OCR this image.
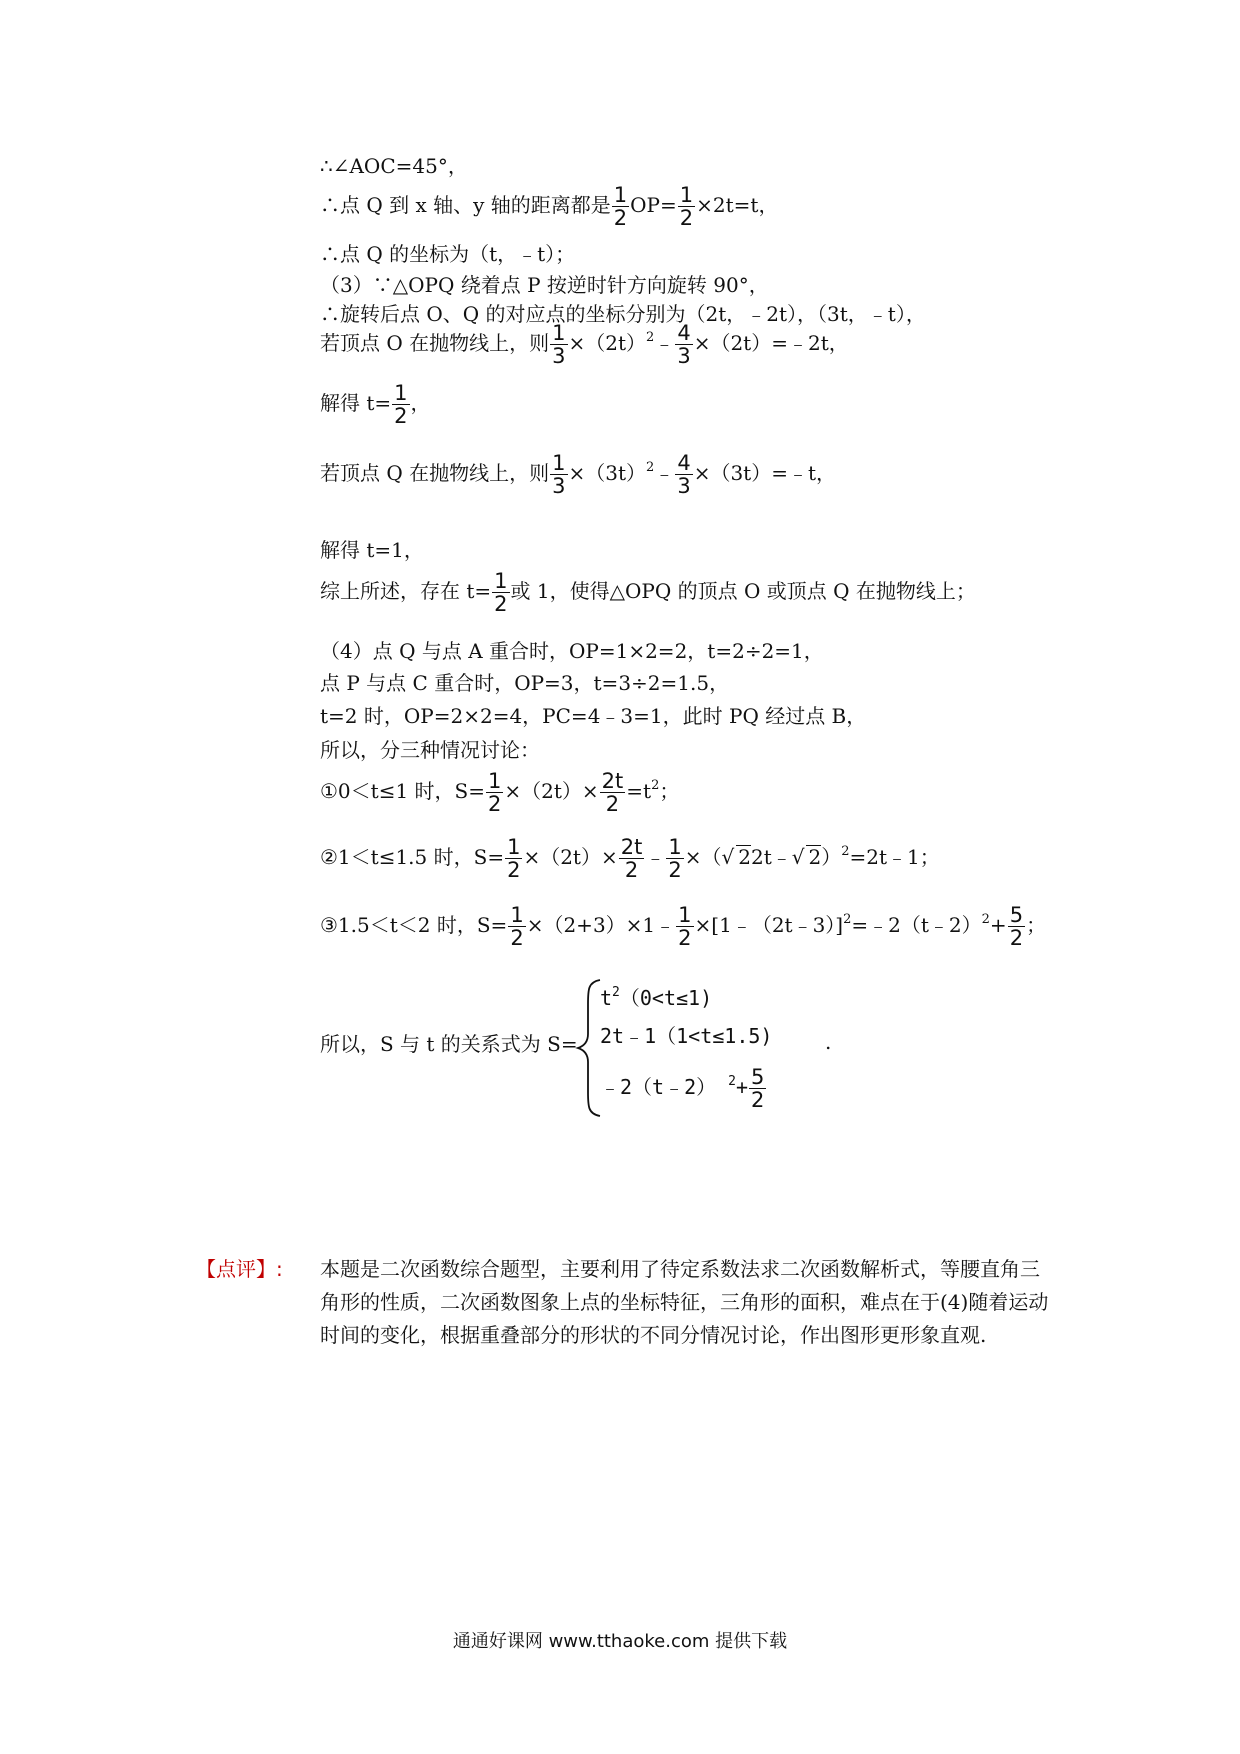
∴∠AOC=45°，
∴点 Q 到 x 轴、y 轴的距离都是 $\frac{1}{2} OP= \frac{1}{2} \times 2t=t$，
∴点 Q 的坐标为（t，﹣t）；
（3）∵△OPQ 绕着点 P 按逆时针方向旋转 90°，
∴旋转后点 O、Q 的对应点的坐标分别为（2t，﹣2t），（3t，﹣t），
若顶点 O 在抛物线上，则 $\frac{1}{3}$ $\times(2t)^2﹣ \frac{4}{3}$ ×（2t）=﹣2t，
解得 $t= \frac{1}{2}$ ，
若顶点 Q 在抛物线上，则 $\frac{1}{3}$ $\times(3t)^2﹣ \frac{4}{3}$ ×（3t）=﹣t，
解得 t=1，
综上所述，存在 $t= \frac{1}{2}$ 或 1，使得△OPQ 的顶点 O 或顶点 Q 在抛物线上；
（4）点 Q 与点 A 重合时，OP=1×2=2，t=2÷2=1，
点 P 与点 C 重合时，OP=3，t=3÷2=1.5，
t=2 时，OP=2×2=4，PC=4﹣3=1，此时 PQ 经过点 B，
所以，分三种情况讨论：
①0＜t≤1 时，$S= \frac{1}{2} \times(2t)\times \frac{2t}{2} =t^2$；
②1＜t≤1.5 时，$S= \frac{1}{2} \times(2t)\times \frac{2t}{2}$ ﹣ $\frac{1}{2}$ ×（√ 22t﹣√ 2）$^2$=2t﹣1；
③1.5＜t＜2 时，$S= \frac{1}{2}$ ×（2+3）×1﹣ $\frac{1}{2}$ ×[1﹣（2t﹣3）]$^2$=﹣2（t﹣2）$^2$+ $\frac{5}{2}$ ；
所以，S 与 t 的关系式为 S=
$t^2(0<t\le 1)$
2t﹣1（1<t≤1.5)
﹣2（t﹣2） $^2+ \frac{5}{2}$
.
【点评】: 本题是二次函数综合题型，主要利用了待定系数法求二次函数解析式，等腰直角三角形的性质，二次函数图象上点的坐标特征，三角形的面积，难点在于(4)随着运动时间的变化，根据重叠部分的形状的不同分情况讨论，作出图形更形象直观.
通通好课网 www.tthaoke.com 提供下载
